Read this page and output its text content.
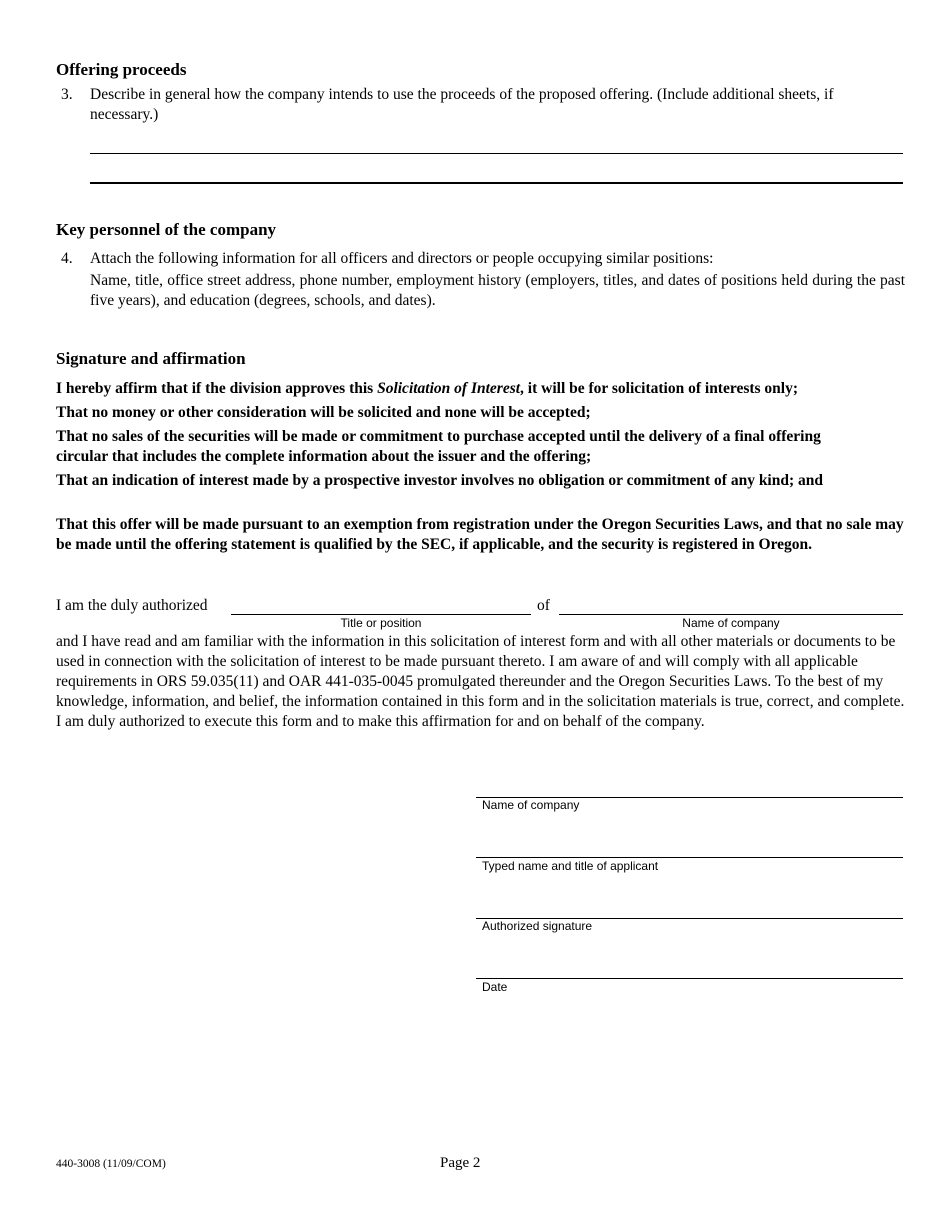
Offering proceeds
3. Describe in general how the company intends to use the proceeds of the proposed offering. (Include additional sheets, if necessary.)
Key personnel of the company
4. Attach the following information for all officers and directors or people occupying similar positions:
Name, title, office street address, phone number, employment history (employers, titles, and dates of positions held during the past five years), and education (degrees, schools, and dates).
Signature and affirmation
I hereby affirm that if the division approves this Solicitation of Interest, it will be for solicitation of interests only;
That no money or other consideration will be solicited and none will be accepted;
That no sales of the securities will be made or commitment to purchase accepted until the delivery of a final offering circular that includes the complete information about the issuer and the offering;
That an indication of interest made by a prospective investor involves no obligation or commitment of any kind; and
That this offer will be made pursuant to an exemption from registration under the Oregon Securities Laws, and that no sale may be made until the offering statement is qualified by the SEC, if applicable, and the security is registered in Oregon.
I am the duly authorized
Title or position
of
Name of company
and I have read and am familiar with the information in this solicitation of interest form and with all other materials or documents to be used in connection with the solicitation of interest to be made pursuant thereto. I am aware of and will comply with all applicable requirements in ORS 59.035(11) and OAR 441-035-0045 promulgated thereunder and the Oregon Securities Laws. To the best of my knowledge, information, and belief, the information contained in this form and in the solicitation materials is true, correct, and complete. I am duly authorized to execute this form and to make this affirmation for and on behalf of the company.
Name of company
Typed name and title of applicant
Authorized signature
Date
440-3008 (11/09/COM)	Page 2
